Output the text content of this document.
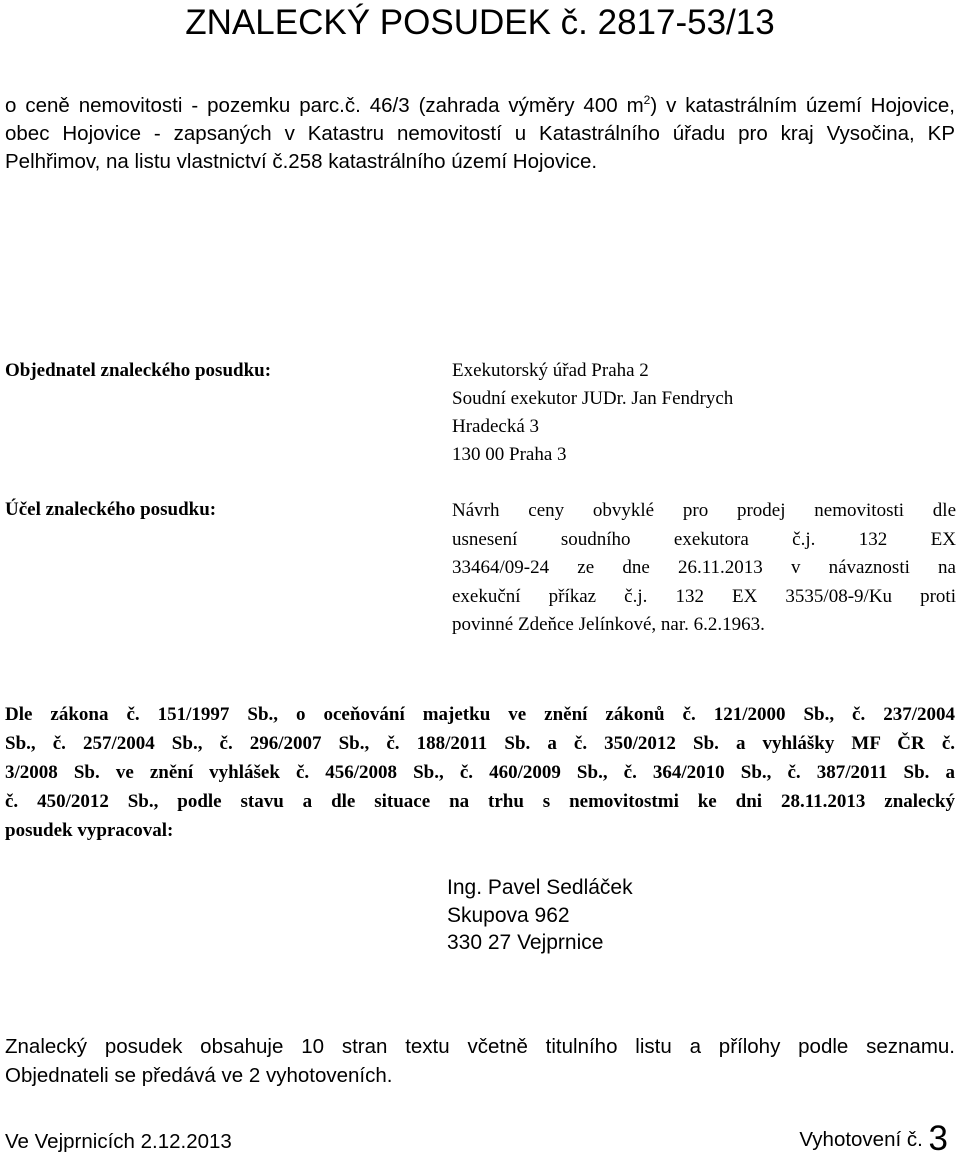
ZNALECKÝ POSUDEK č. 2817-53/13
o ceně nemovitosti - pozemku parc.č. 46/3 (zahrada výměry 400 $m^2$) v katastrálním území Hojovice, obec Hojovice - zapsaných v Katastru nemovitostí u Katastrálního úřadu pro kraj Vysočina, KP Pelhřimov, na listu vlastnictví č.258 katastrálního území Hojovice.
Objednatel znaleckého posudku:	Exekutorský úřad Praha 2
Soudní exekutor JUDr. Jan Fendrych
Hradecká 3
130 00 Praha 3
Účel znaleckého posudku:	Návrh ceny obvyklé pro prodej nemovitosti dle
usnesení soudního exekutora č.j. 132 EX
33464/09-24 ze dne 26.11.2013 v návaznosti na
exekuční příkaz č.j. 132 EX 3535/08-9/Ku proti
povinné Zdeňce Jelínkové, nar. 6.2.1963.
Dle zákona č. 151/1997 Sb., o oceňování majetku ve znění zákonů č. 121/2000 Sb., č. 237/2004
Sb., č. 257/2004 Sb., č. 296/2007 Sb., č. 188/2011 Sb. a č. 350/2012 Sb. a vyhlášky MF ČR č.
3/2008 Sb. ve znění vyhlášek č. 456/2008 Sb., č. 460/2009 Sb., č. 364/2010 Sb., č. 387/2011 Sb. a
č. 450/2012 Sb., podle stavu a dle situace na trhu s nemovitostmi ke dni 28.11.2013 znalecký
posudek vypracoval:
Ing. Pavel Sedláček
Skupova 962
330 27 Vejprnice
Znalecký posudek obsahuje 10 stran textu včetně titulního listu a přílohy podle seznamu.
Objednateli se předává ve 2 vyhotoveních.
Ve Vejprnicích 2.12.2013	Vyhotovení č. 3
